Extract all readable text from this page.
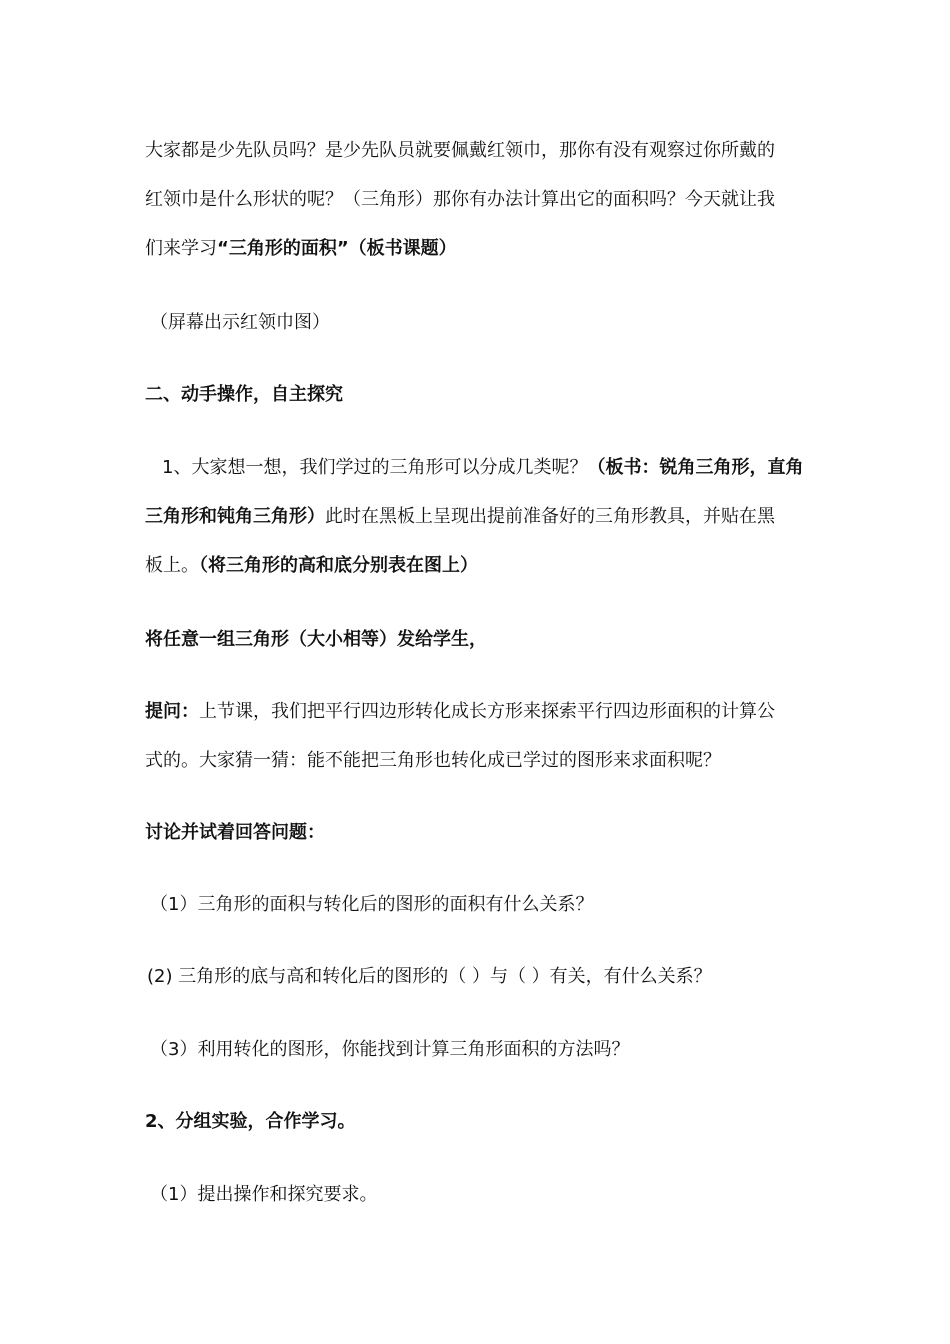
大家都是少先队员吗？是少先队员就要佩戴红领巾，那你有没有观察过你所戴的
红领巾是什么形状的呢？（三角形）那你有办法计算出它的面积吗？今天就让我
们来学习“三角形的面积”（板书课题）
（屏幕出示红领巾图）
二、动手操作，自主探究
1、大家想一想，我们学过的三角形可以分成几类呢？（板书：锐角三角形，直角
三角形和钝角三角形）此时在黑板上呈现出提前准备好的三角形教具，并贴在黑
板上。（将三角形的高和底分别表在图上）
将任意一组三角形（大小相等）发给学生，
提问：上节课，我们把平行四边形转化成长方形来探索平行四边形面积的计算公
式的。大家猜一猜：能不能把三角形也转化成已学过的图形来求面积呢？
讨论并试着回答问题：
（1）三角形的面积与转化后的图形的面积有什么关系？
(2) 三角形的底与高和转化后的图形的（ ）与（ ）有关，有什么关系？
（3）利用转化的图形，你能找到计算三角形面积的方法吗？
2、分组实验，合作学习。
（1）提出操作和探究要求。
